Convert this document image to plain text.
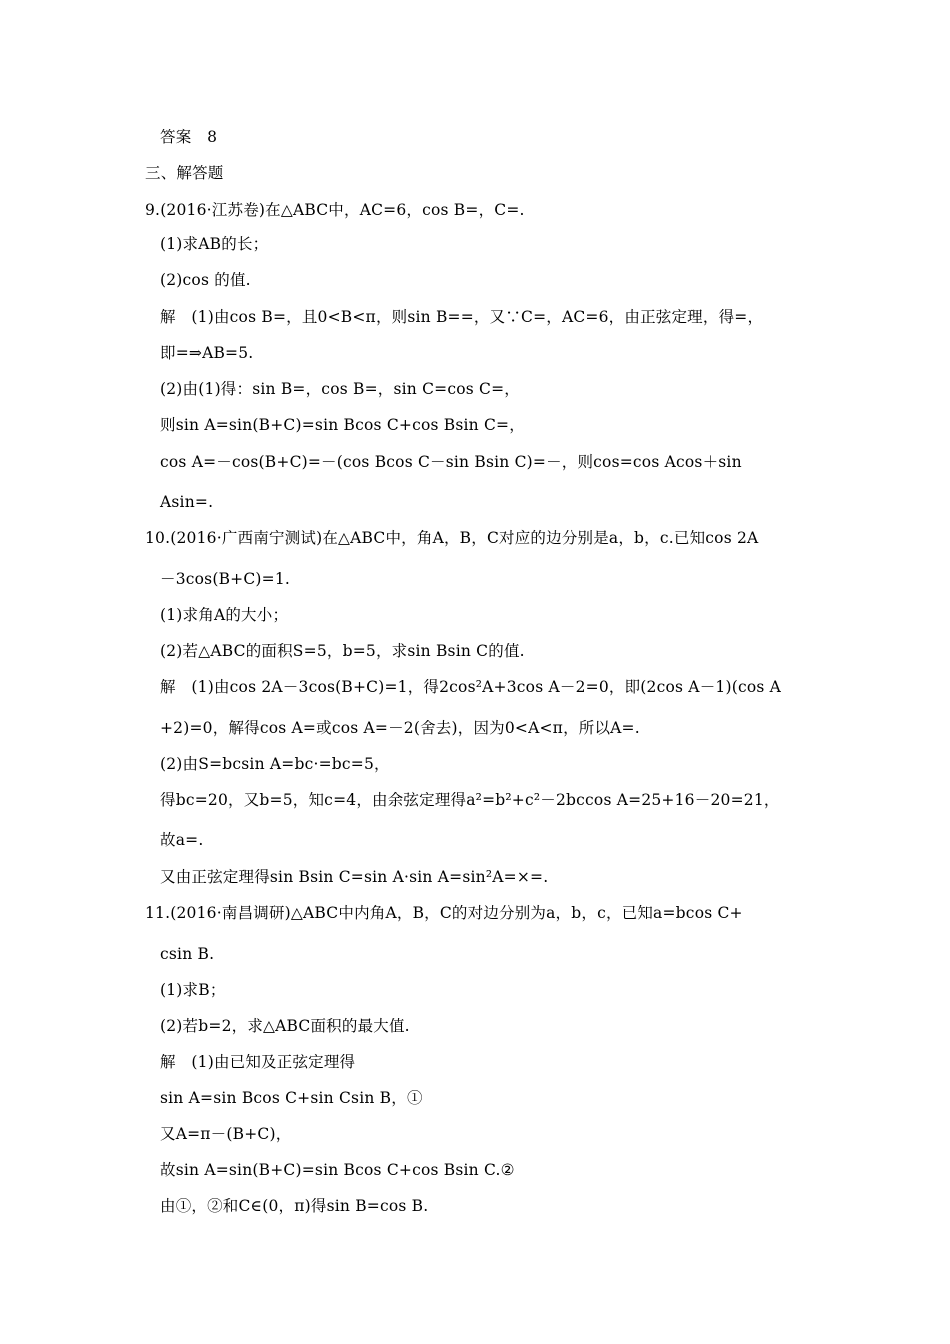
答案　8
三、解答题
9.(2016·江苏卷)在△ABC中，AC=6，cos B=，C=.
(1)求AB的长；
(2)cos 的值.
解　(1)由cos B=，且0<B<π，则sin B==，又∵C=，AC=6，由正弦定理，得=，
即=⇒AB=5.
(2)由(1)得：sin B=，cos B=，sin C=cos C=，
则sin A=sin(B+C)=sin Bcos C+cos Bsin C=，
cos A=－cos(B+C)=－(cos Bcos C－sin Bsin C)=－，则cos=cos Acos＋sin
Asin=.
10.(2016·广西南宁测试)在△ABC中，角A，B，C对应的边分别是a，b，c.已知cos 2A
－3cos(B+C)=1.
(1)求角A的大小；
(2)若△ABC的面积S=5，b=5，求sin Bsin C的值.
解　(1)由cos 2A－3cos(B+C)=1，得2cos²A+3cos A－2=0，即(2cos A－1)(cos A
+2)=0，解得cos A=或cos A=－2(舍去)，因为0<A<π，所以A=.
(2)由S=bcsin A=bc·=bc=5，
得bc=20，又b=5，知c=4，由余弦定理得a²=b²+c²－2bccos A=25+16－20=21，
故a=.
又由正弦定理得sin Bsin C=sin A·sin A=sin²A=×=.
11.(2016·南昌调研)△ABC中内角A，B，C的对边分别为a，b，c，已知a=bcos C+
csin B.
(1)求B；
(2)若b=2，求△ABC面积的最大值.
解　(1)由已知及正弦定理得
sin A=sin Bcos C+sin Csin B，①
又A=π－(B+C)，
故sin A=sin(B+C)=sin Bcos C+cos Bsin C.②
由①，②和C∈(0，π)得sin B=cos B.
